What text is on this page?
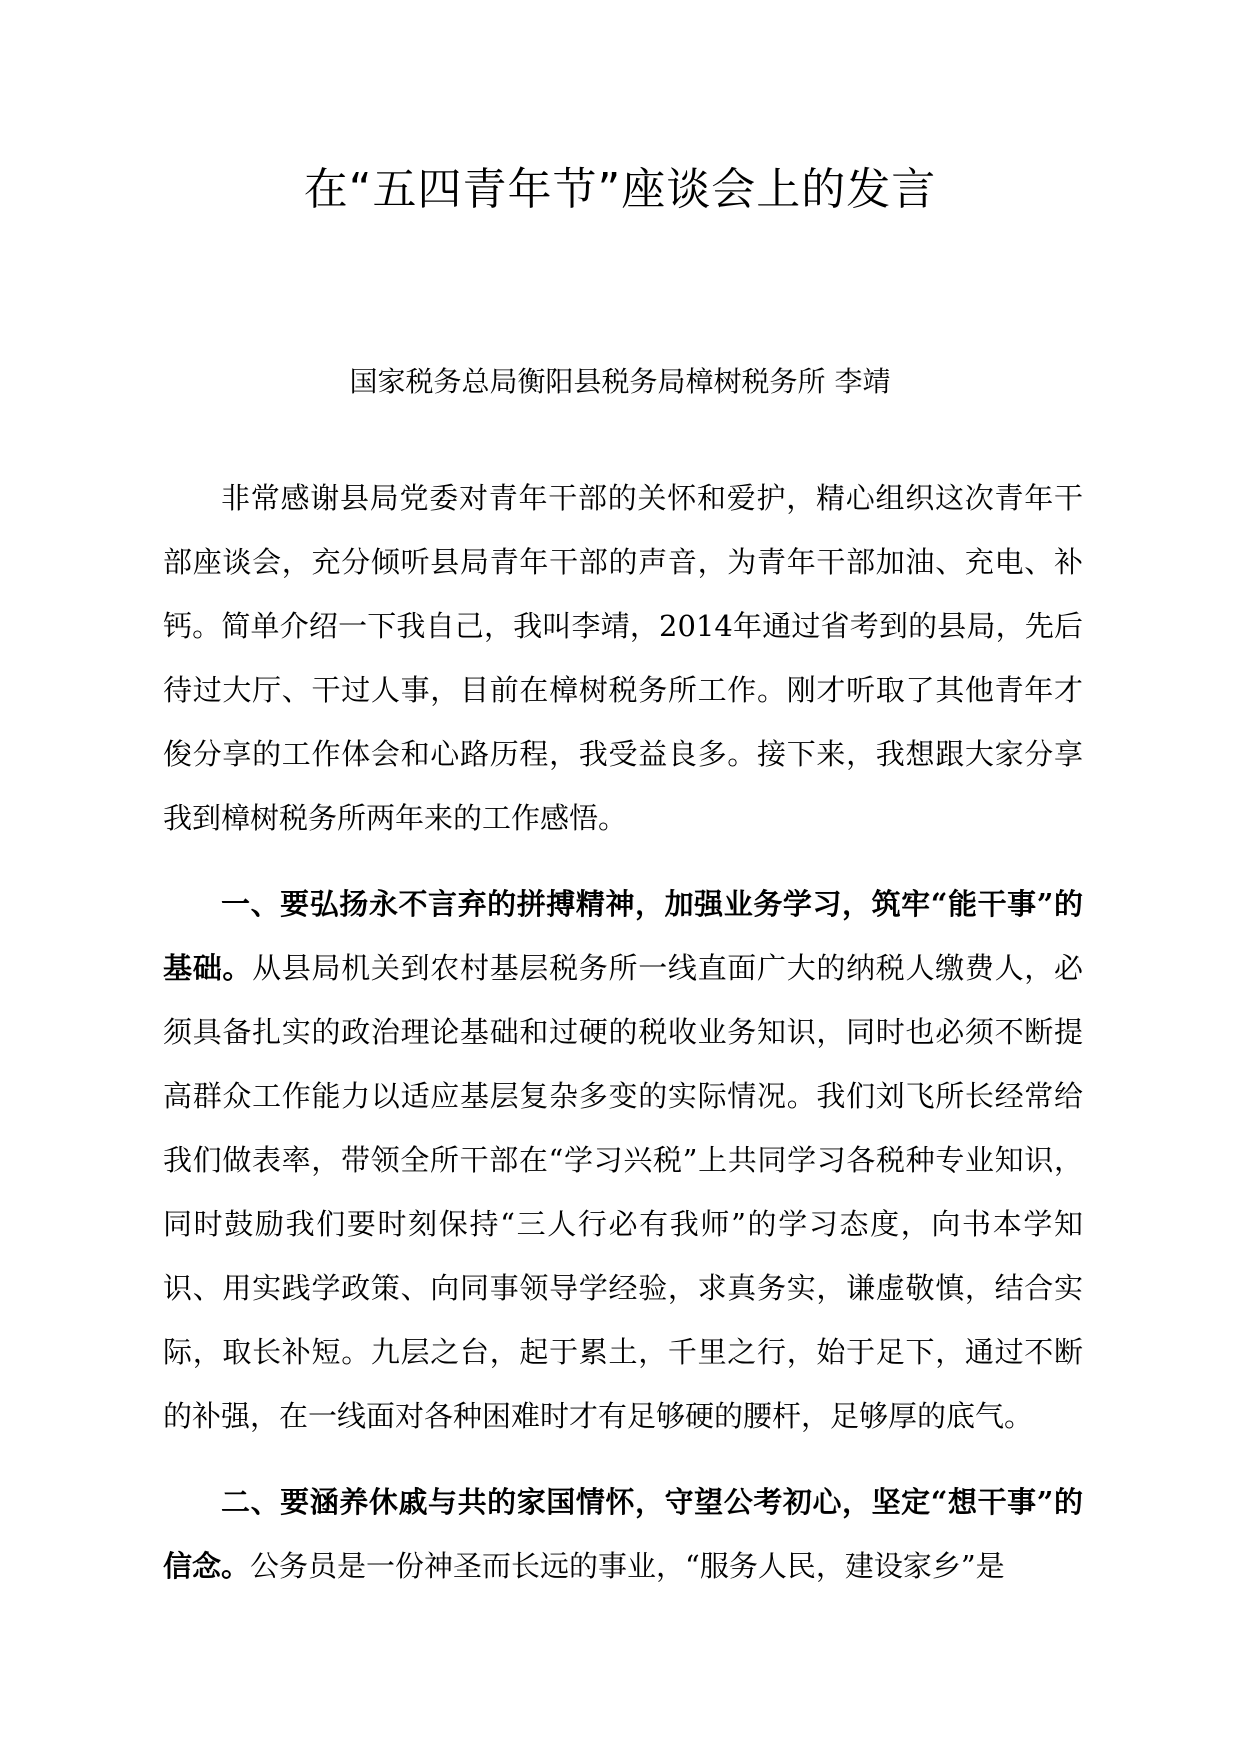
在“五四青年节”座谈会上的发言

国家税务总局衡阳县税务局樟树税务所 李靖

非常感谢县局党委对青年干部的关怀和爱护，精心组织这次青年干部座谈会，充分倾听县局青年干部的声音，为青年干部加油、充电、补钙。简单介绍一下我自己，我叫李靖，2014年通过省考到的县局，先后待过大厅、干过人事，目前在樟树税务所工作。刚才听取了其他青年才俊分享的工作体会和心路历程，我受益良多。接下来，我想跟大家分享我到樟树税务所两年来的工作感悟。

一、要弘扬永不言弃的拼搏精神，加强业务学习，筑牢“能干事”的基础。从县局机关到农村基层税务所一线直面广大的纳税人缴费人，必须具备扎实的政治理论基础和过硬的税收业务知识，同时也必须不断提高群众工作能力以适应基层复杂多变的实际情况。我们刘飞所长经常给我们做表率，带领全所干部在“学习兴税”上共同学习各税种专业知识，同时鼓励我们要时刻保持“三人行必有我师”的学习态度，向书本学知识、用实践学政策、向同事领导学经验，求真务实，谦虚敬慎，结合实际，取长补短。九层之台，起于累土，千里之行，始于足下，通过不断的补强，在一线面对各种困难时才有足够硬的腰杆，足够厚的底气。

二、要涵养休戚与共的家国情怀，守望公考初心，坚定“想干事”的信念。公务员是一份神圣而长远的事业，“服务人民，建设家乡”是
